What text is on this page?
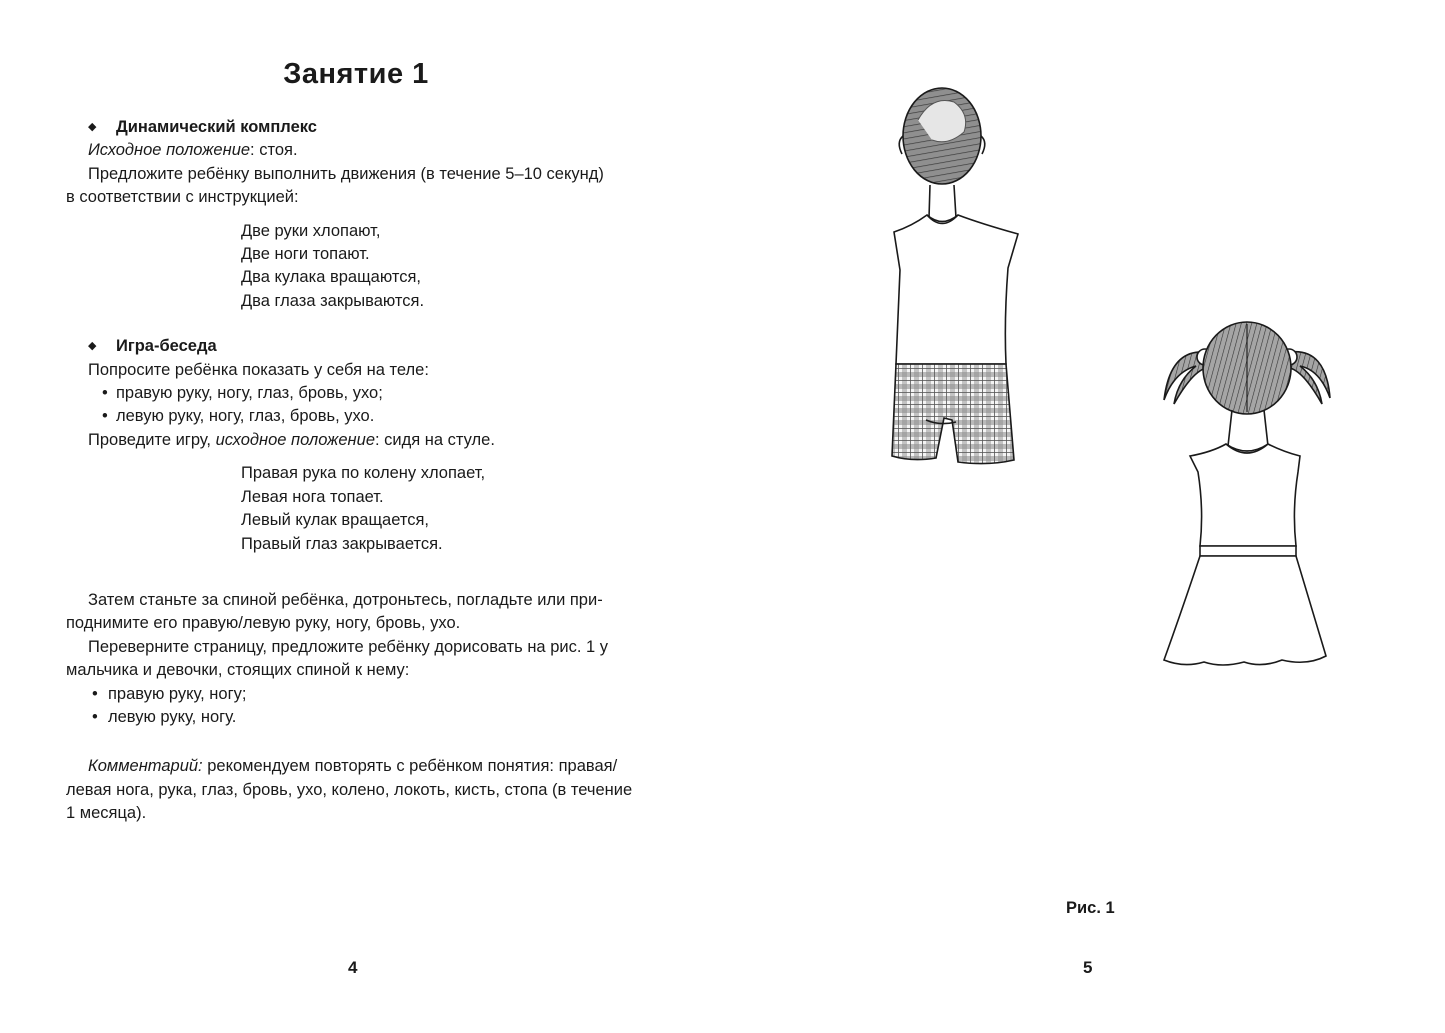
Занятие 1

◆ Динамический комплекс

Исходное положение: стоя.

Предложите ребёнку выполнить движения (в течение 5–10 секунд)

в соответствии с инструкцией:

Две руки хлопают,

Две ноги топают.

Два кулака вращаются,

Два глаза закрываются.

◆ Игра-беседа

Попросите ребёнка показать у себя на теле:

• правую руку, ногу, глаз, бровь, ухо;

• левую руку, ногу, глаз, бровь, ухо.

Проведите игру, исходное положение: сидя на стуле.

Правая рука по колену хлопает,

Левая нога топает.

Левый кулак вращается,

Правый глаз закрывается.

Затем станьте за спиной ребёнка, дотроньтесь, погладьте или при-

поднимите его правую/левую руку, ногу, бровь, ухо.

Переверните страницу, предложите ребёнку дорисовать на рис. 1 у

мальчика и девочки, стоящих спиной к нему:

• правую руку, ногу;

• левую руку, ногу.

Комментарий: рекомендуем повторять с ребёнком понятия: правая/

левая нога, рука, глаз, бровь, ухо, колено, локоть, кисть, стопа (в течение

1 месяца).

4
Рис. 1
5
